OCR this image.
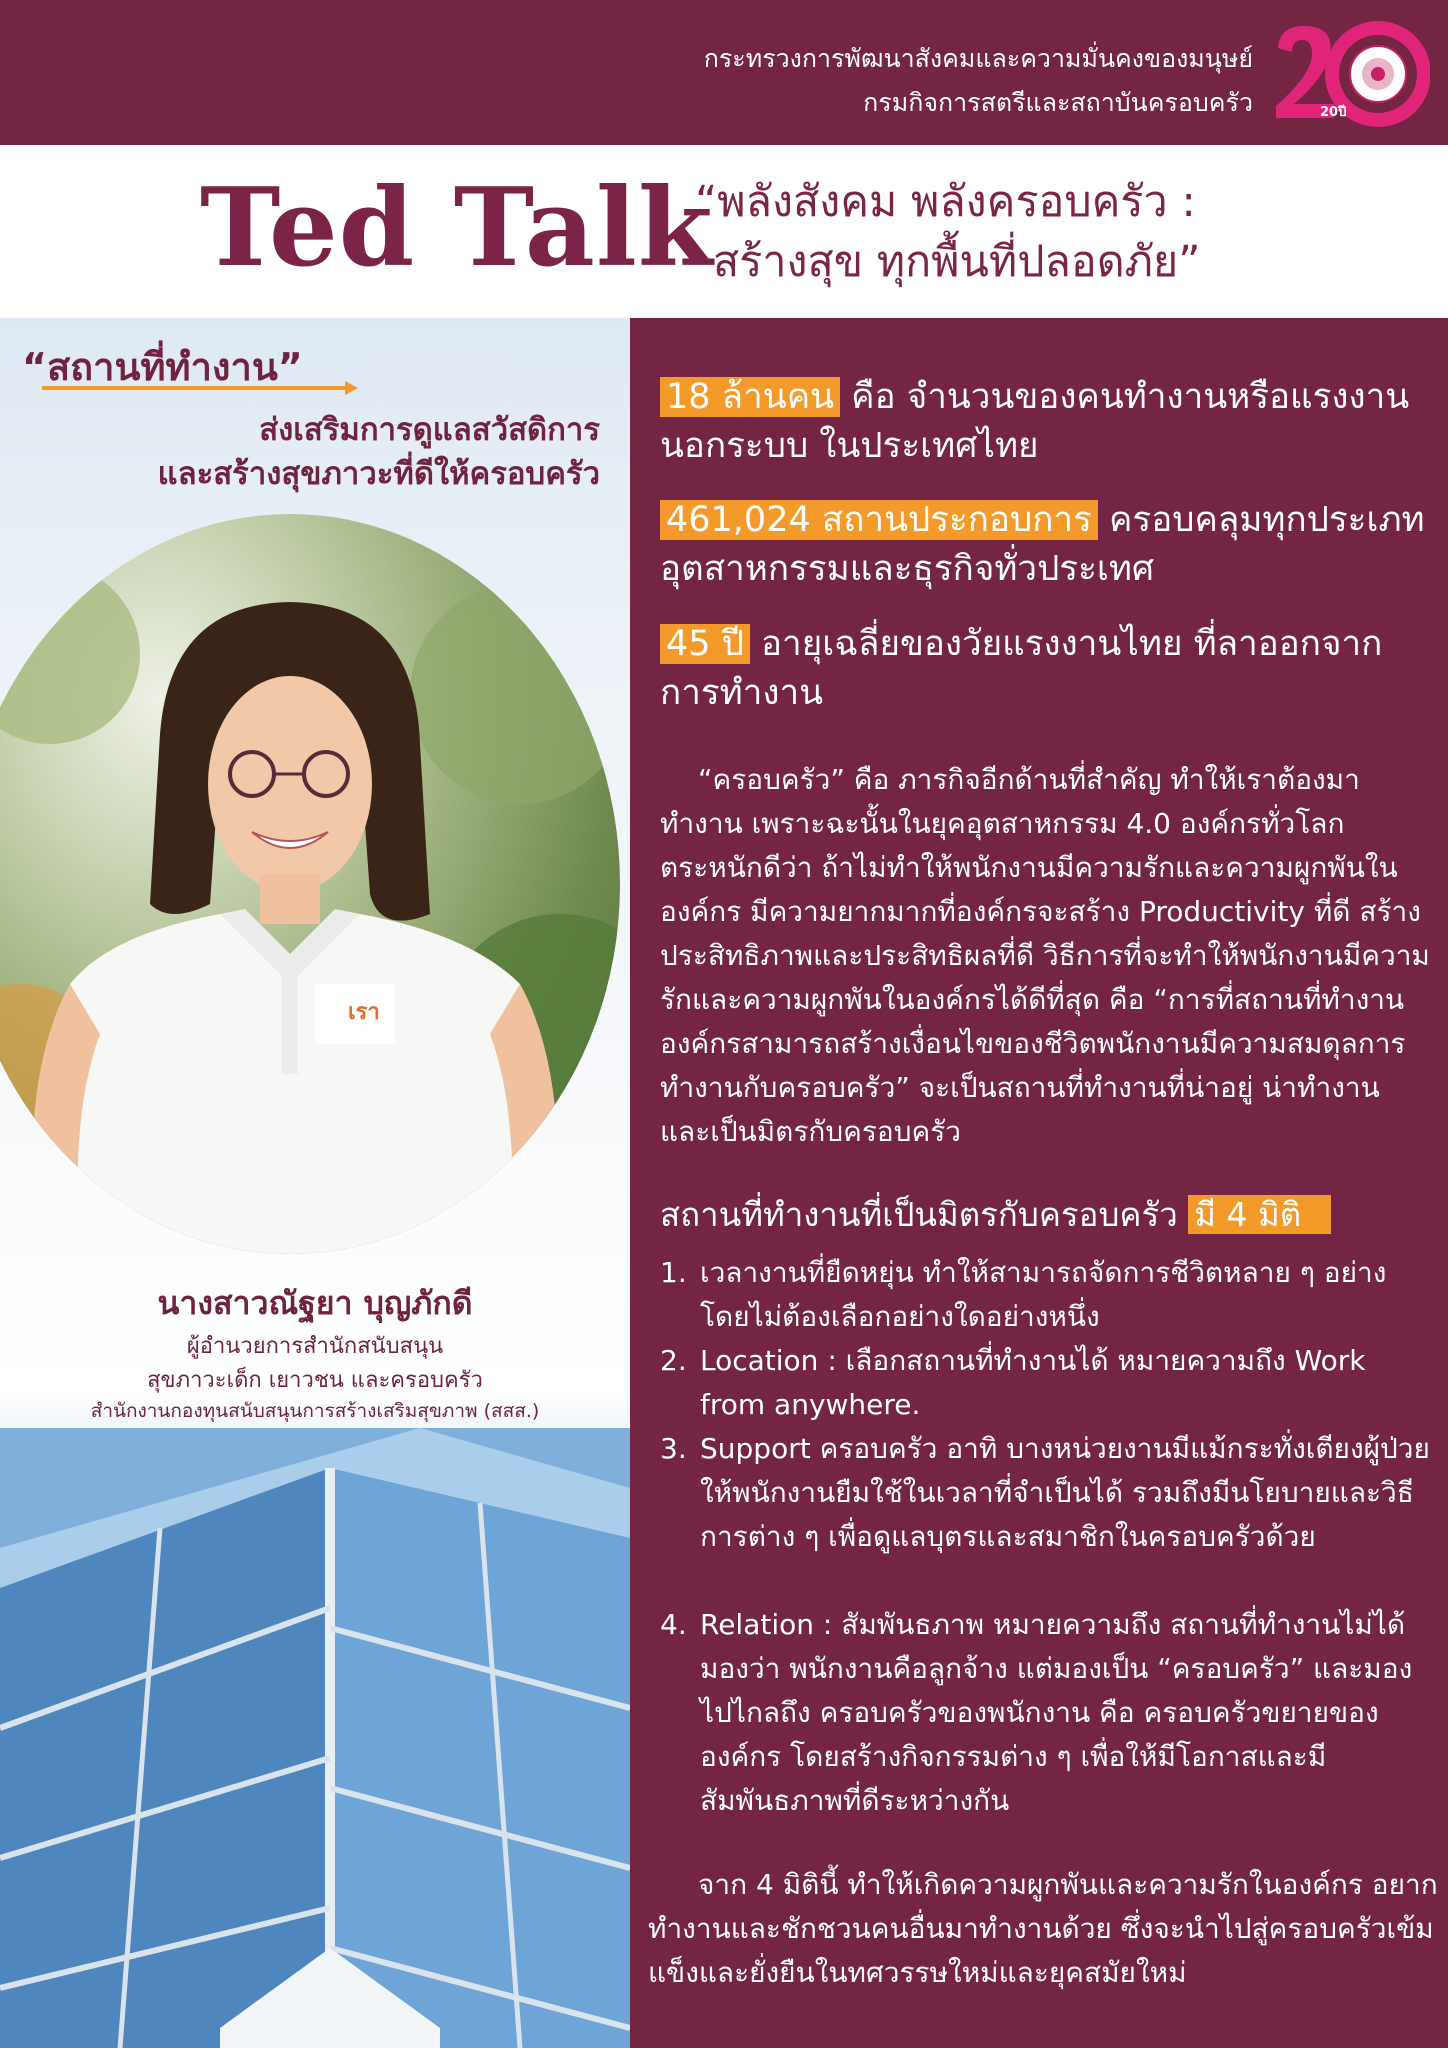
กระทรวงการพัฒนาสังคมและความมั่นคงของมนุษย์
กรมกิจการสตรีและสถาบันครอบครัว	20ปี
Ted Talk
“พลังสังคม พลังครอบครัว :
สร้างสุข ทุกพื้นที่ปลอดภัย”
“สถานที่ทำงาน”
ส่งเสริมการดูแลสวัสดิการ
และสร้างสุขภาวะที่ดีให้ครอบครัว
เรา
นางสาวณัฐยา บุญภักดี
ผู้อำนวยการสำนักสนับสนุน
สุขภาวะเด็ก เยาวชน และครอบครัว
สำนักงานกองทุนสนับสนุนการสร้างเสริมสุขภาพ (สสส.)
18 ล้านคน คือ จำนวนของคนทำงานหรือแรงงานนอกระบบ ในประเทศไทย
461,024 สถานประกอบการ ครอบคลุมทุกประเภทอุตสาหกรรมและธุรกิจทั่วประเทศ
45 ปี อายุเฉลี่ยของวัยแรงงานไทย ที่ลาออกจากการทำงาน
“ครอบครัว” คือ ภารกิจอีกด้านที่สำคัญ ทำให้เราต้องมาทำงาน เพราะฉะนั้นในยุคอุตสาหกรรม 4.0 องค์กรทั่วโลกตระหนักดีว่า ถ้าไม่ทำให้พนักงานมีความรักและความผูกพันในองค์กร มีความยากมากที่องค์กรจะสร้าง Productivity ที่ดี สร้างประสิทธิภาพและประสิทธิผลที่ดี วิธีการที่จะทำให้พนักงานมีความรักและความผูกพันในองค์กรได้ดีที่สุด คือ “การที่สถานที่ทำงาน องค์กรสามารถสร้างเงื่อนไขของชีวิตพนักงานมีความสมดุลการทำงานกับครอบครัว” จะเป็นสถานที่ทำงานที่น่าอยู่ น่าทำงาน และเป็นมิตรกับครอบครัว
สถานที่ทำงานที่เป็นมิตรกับครอบครัว มี 4 มิติ
1. เวลางานที่ยืดหยุ่น ทำให้สามารถจัดการชีวิตหลาย ๆ อย่าง โดยไม่ต้องเลือกอย่างใดอย่างหนึ่ง
2. Location : เลือกสถานที่ทำงานได้ หมายความถึง Work from anywhere.
3. Support ครอบครัว อาทิ บางหน่วยงานมีแม้กระทั่งเตียงผู้ป่วย ให้พนักงานยืมใช้ในเวลาที่จำเป็นได้ รวมถึงมีนโยบายและวิธีการต่าง ๆ เพื่อดูแลบุตรและสมาชิกในครอบครัวด้วย
4. Relation : สัมพันธภาพ หมายความถึง สถานที่ทำงานไม่ได้มองว่า พนักงานคือลูกจ้าง แต่มองเป็น “ครอบครัว” และมองไปไกลถึง ครอบครัวของพนักงาน คือ ครอบครัวขยายขององค์กร โดยสร้างกิจกรรมต่าง ๆ เพื่อให้มีโอกาสและมีสัมพันธภาพที่ดีระหว่างกัน
จาก 4 มิตินี้ ทำให้เกิดความผูกพันและความรักในองค์กร อยากทำงานและชักชวนคนอื่นมาทำงานด้วย ซึ่งจะนำไปสู่ครอบครัวเข้มแข็งและยั่งยืนในทศวรรษใหม่และยุคสมัยใหม่
